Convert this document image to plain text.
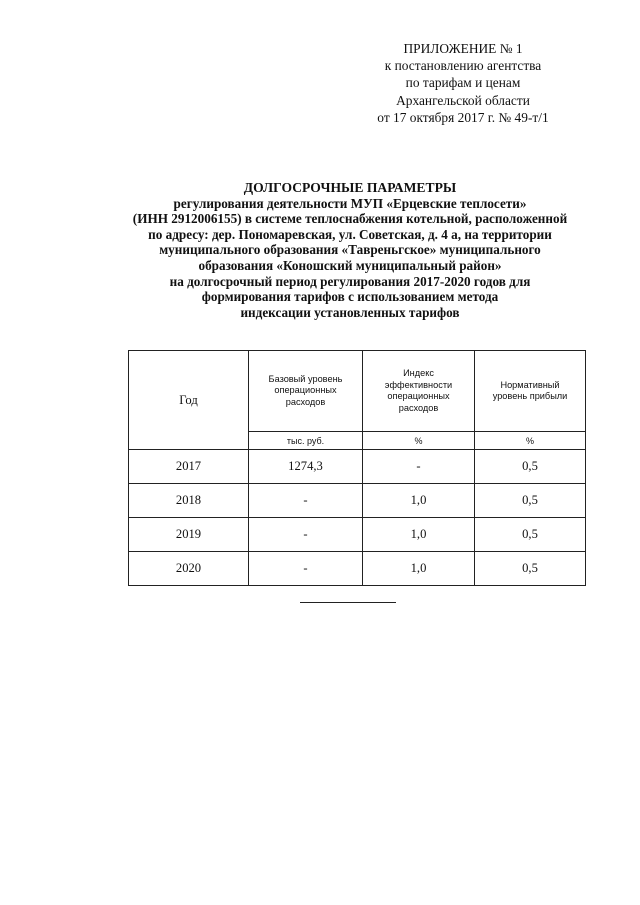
ПРИЛОЖЕНИЕ № 1
к постановлению агентства
по тарифам и ценам
Архангельской области
от 17 октября 2017 г. № 49-т/1
ДОЛГОСРОЧНЫЕ ПАРАМЕТРЫ
регулирования деятельности МУП «Ерцевские теплосети»
(ИНН 2912006155) в системе теплоснабжения котельной, расположенной
по адресу: дер. Пономаревская, ул. Советская, д. 4 а, на территории
муниципального образования «Тавреньгское» муниципального
образования «Коношский муниципальный район»
на долгосрочный период регулирования 2017-2020 годов для
формирования тарифов с использованием метода
индексации установленных тарифов
Год	Базовый уровень операционных расходов	Индекс эффективности операционных расходов	Нормативный уровень прибыли

	тыс. руб.	%	%
2017	1274,3	-	0,5
2018	-	1,0	0,5
2019	-	1,0	0,5
2020	-	1,0	0,5
